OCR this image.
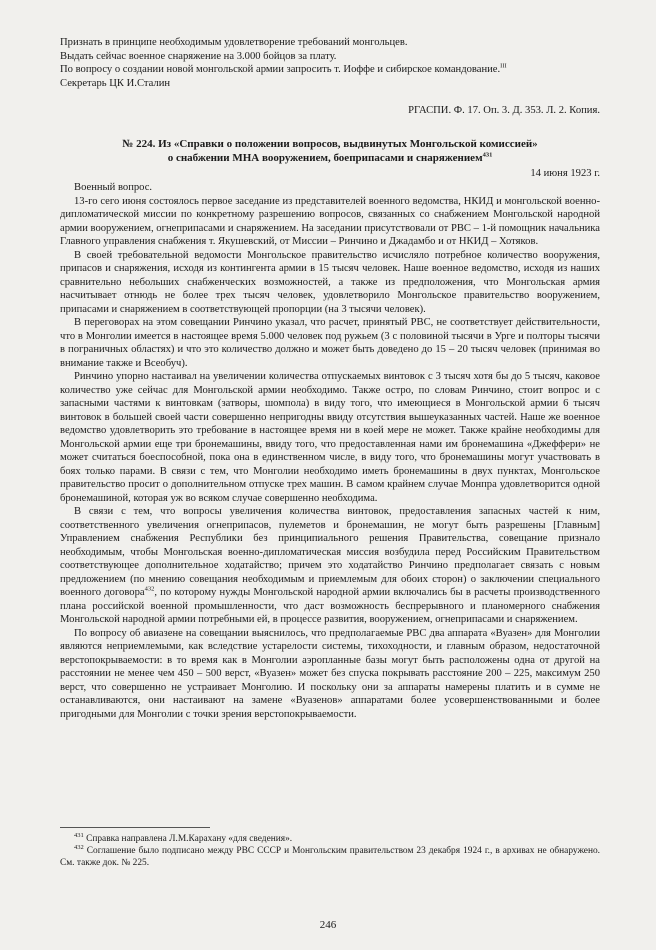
Признать в принципе необходимым удовлетворение требований монгольцев.

Выдать сейчас военное снаряжение на 3.000 бойцов за плату.

По вопросу о создании новой монгольской армии запросить т. Иоффе и сибирское командование.$^{III}$

Секретарь ЦК И.Сталин

РГАСПИ. Ф. 17. Оп. 3. Д. 353. Л. 2. Копия.

№ 224. Из «Справки о положении вопросов, выдвинутых Монгольской комиссией»

о снабжении МНА вооружением, боеприпасами и снаряжением$^{431}$

14 июня 1923 г.

Военный вопрос.

13-го сего июня состоялось первое заседание из представителей военного ведомства, НКИД и монгольской военно-дипломатической миссии по конкретному разрешению вопросов, связанных со снабжением Монгольской народной армии вооружением, огнеприпасами и снаряжением. На заседании присутствовали от РВС – 1-й помощник начальника Главного управления снабжения т. Якушевский, от Миссии – Ринчино и Джадамбо и от НКИД – Хотяков.

В своей требовательной ведомости Монгольское правительство исчисляло потребное количество вооружения, припасов и снаряжения, исходя из контингента армии в 15 тысяч человек. Наше военное ведомство, исходя из наших сравнительно небольших снабженческих возможностей, а также из предположения, что Монгольская армия насчитывает отнюдь не более трех тысяч человек, удовлетворило Монгольское правительство вооружением, припасами и снаряжением в соответствующей пропорции (на 3 тысячи человек).

В переговорах на этом совещании Ринчино указал, что расчет, принятый РВС, не соответствует действительности, что в Монголии имеется в настоящее время 5.000 человек под ружьем (3 с половиной тысячи в Урге и полторы тысячи в пограничных областях) и что это количество должно и может быть доведено до 15 – 20 тысяч человек (принимая во внимание также и Всеобуч).

Ринчино упорно настаивал на увеличении количества отпускаемых винтовок с 3 тысяч хотя бы до 5 тысяч, каковое количество уже сейчас для Монгольской армии необходимо. Также остро, по словам Ринчино, стоит вопрос и с запасными частями к винтовкам (затворы, шомпола) в виду того, что имеющиеся в Монгольской армии 6 тысяч винтовок в большей своей части совершенно непригодны ввиду отсутствия вышеуказанных частей. Наше же военное ведомство удовлетворить это требование в настоящее время ни в коей мере не может. Также крайне необходимы для Монгольской армии еще три бронемашины, ввиду того, что предоставленная нами им бронемашина «Джеффери» не может считаться боеспособной, пока она в единственном числе, в виду того, что бронемашины могут участвовать в боях только парами. В связи с тем, что Монголии необходимо иметь бронемашины в двух пунктах, Монгольское правительство просит о дополнительном отпуске трех машин. В самом крайнем случае Монпра удовлетворится одной бронемашиной, которая уж во всяком случае совершенно необходима.

В связи с тем, что вопросы увеличения количества винтовок, предоставления запасных частей к ним, соответственного увеличения огнеприпасов, пулеметов и бронемашин, не могут быть разрешены [Главным] Управлением снабжения Республики без принципиального решения Правительства, совещание признало необходимым, чтобы Монгольская военно-дипломатическая миссия возбудила перед Российским Правительством соответствующее дополнительное ходатайство; причем это ходатайство Ринчино предполагает связать с новым предложением (по мнению совещания необходимым и приемлемым для обоих сторон) о заключении специального военного договора$^{432}$, по которому нужды Монгольской народной армии включались бы в расчеты производственного плана российской военной промышленности, что даст возможность беспрерывного и планомерного снабжения Монгольской народной армии потребными ей, в процессе развития, вооружением, огнеприпасами и снаряжением.

По вопросу об авиазене на совещании выяснилось, что предполагаемые РВС два аппарата «Вуазен» для Монголии являются неприемлемыми, как вследствие устарелости системы, тихоходности, и главным образом, недостаточной верстопокрываемости: в то время как в Монголии аэропланные базы могут быть расположены одна от другой на расстоянии не менее чем 450 – 500 верст, «Вуазен» может без спуска покрывать расстояние 200 – 225, максимум 250 верст, что совершенно не устраивает Монголию. И поскольку они за аппараты намерены платить и в сумме не останавливаются, они настаивают на замене «Вуазенов» аппаратами более усовершенствованными и более пригодными для Монголии с точки зрения верстопокрываемости.

$^{431}$ Справка направлена Л.М.Карахану «для сведения».

$^{432}$ Соглашение было подписано между РВС СССР и Монгольским правительством 23 декабря 1924 г., в архивах не обнаружено. См. также док. № 225.

246
